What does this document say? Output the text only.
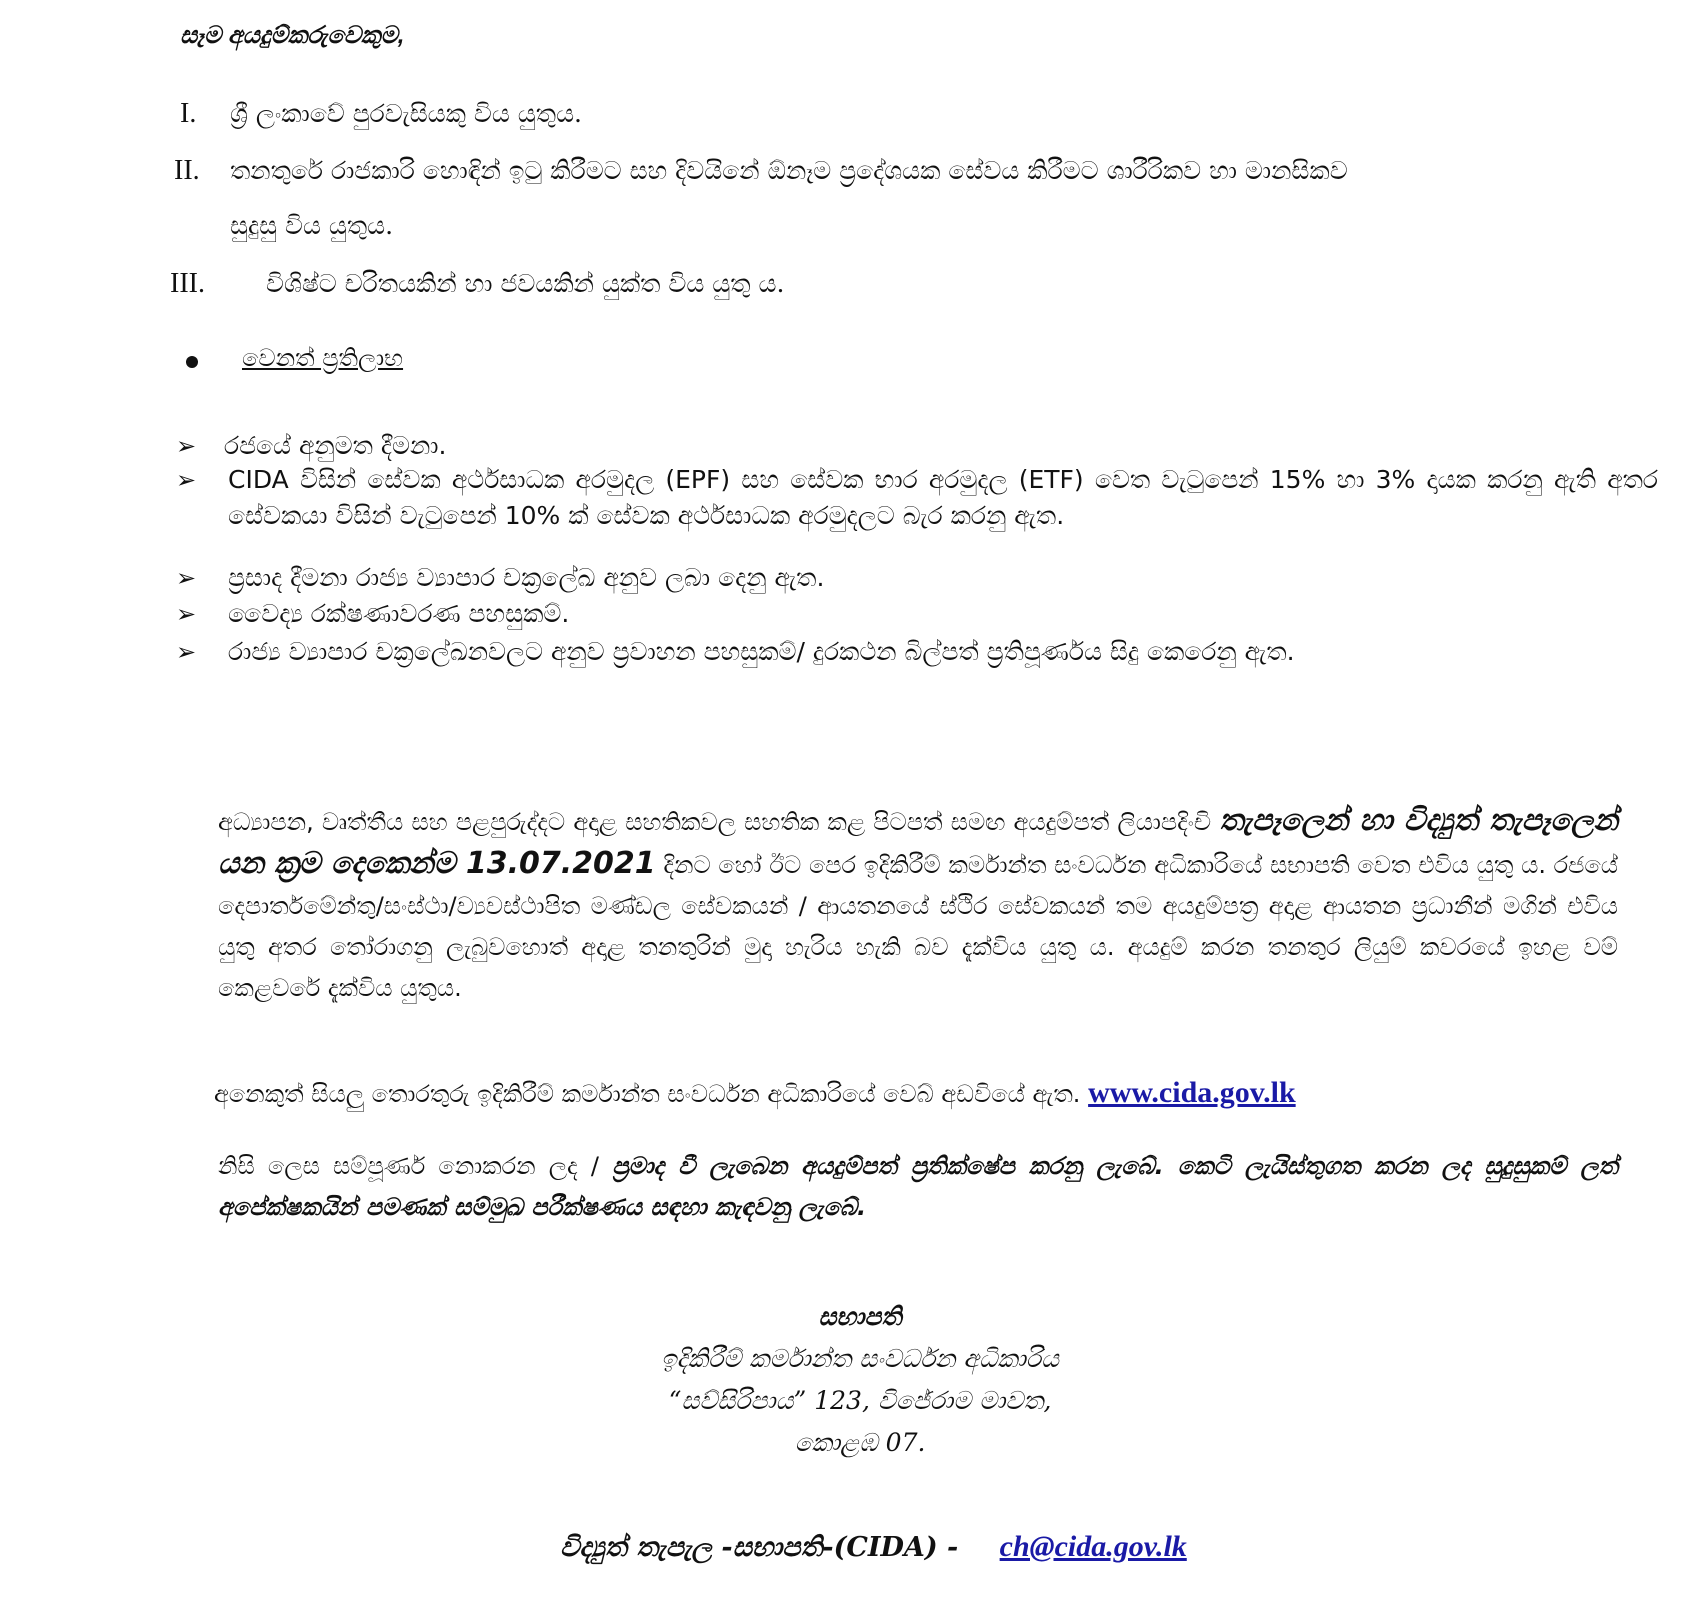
සෑම අයදුම්කරුවෙකුම,
I.	ශ්‍රී ලංකාවේ පුරවැසියකු විය යුතුය.
II.	තනතුරේ රාජකාරි හොඳින් ඉටු කිරීමට සහ දිවයිනේ ඕනෑම ප්‍රදේශයක සේවය කිරීමට ශාරීරිකව හා මානසිකව
සුදුසු විය යුතුය.
III.	විශිෂ්ට චරිතයකින් හා ජවයකින් යුක්ත විය යුතු ය.
වෙනත් ප්‍රතිලාභ
➢	රජයේ අනුමත දීමනා.
➢	CIDA විසින් සේවක අර්ථසාධක අරමුදල (EPF) සහ සේවක භාර අරමුදල (ETF) වෙත වැටුපෙන් 15% හා 3% දායක කරනු ඇති අතර සේවකයා විසින් වැටුපෙන් 10% ක් සේවක අර්ථසාධක අරමුදලට බැර කරනු ඇත.
➢	ප්‍රසාද දීමනා රාජ්‍ය ව්‍යාපාර චක්‍රලේඛ අනුව ලබා දෙනු ඇත.
➢	වෛද්‍ය රක්ෂණාවරණ පහසුකම්.
➢	රාජ්‍ය ව්‍යාපාර චක්‍රලේඛනවලට අනුව ප්‍රවාහන පහසුකම්/ දුරකථන බිල්පත් ප්‍රතිපූර්ණය සිදු කෙරෙනු ඇත.
අධ්‍යාපන, වෘත්තීය සහ පළපුරුද්දට අදාළ සහතිකවල සහතික කළ පිටපත් සමඟ අයදුම්පත් ලියාපදිංචි තැපෑලෙන් හා විද්‍යුත් තැපෑලෙන් යන ක්‍රම දෙකෙන්ම 13.07.2021 දිනට හෝ ඊට පෙර ඉදිකිරීම් කර්මාන්ත සංවර්ධන අධිකාරියේ සභාපති වෙත එවිය යුතු ය. රජයේ දෙපාර්තමේන්තු/සංස්ථා/ව්‍යවස්ථාපිත මණ්ඩල සේවකයන් / ආයතනයේ ස්ථිර සේවකයන් තම අයදුම්පත්‍ර අදාළ ආයතන ප්‍රධානීන් මගින් එවිය යුතු අතර තෝරාගනු ලැබුවහොත් අදාළ තනතුරින් මුදා හැරිය හැකි බව දැක්විය යුතු ය. අයදුම් කරන තනතුර ලියුම් කවරයේ ඉහළ වම් කෙළවරේ දැක්විය යුතුය.
අනෙකුත් සියලු තොරතුරු ඉදිකිරීම් කර්මාන්ත සංවර්ධන අධිකාරියේ වෙබ් අඩවියේ ඇත. www.cida.gov.lk
නිසි ලෙස සම්පූර්ණ නොකරන ලද / ප්‍රමාද වී ලැබෙන අයදුම්පත් ප්‍රතික්ෂේප කරනු ලැබේ. කෙටි ලැයිස්තුගත කරන ලද සුදුසුකම් ලත් අපේක්ෂකයින් පමණක් සම්මුඛ පරීක්ෂණය සඳහා කැඳවනු ලැබේ.
සභාපති
ඉදිකිරීම් කර්මාන්ත සංවර්ධන අධිකාරිය
“සව්සිරිපාය” 123, විජේරාම මාවත,
කොළඹ 07.
විද්‍යුත් තැපැල -සභාපති-(CIDA) - ch@cida.gov.lk
